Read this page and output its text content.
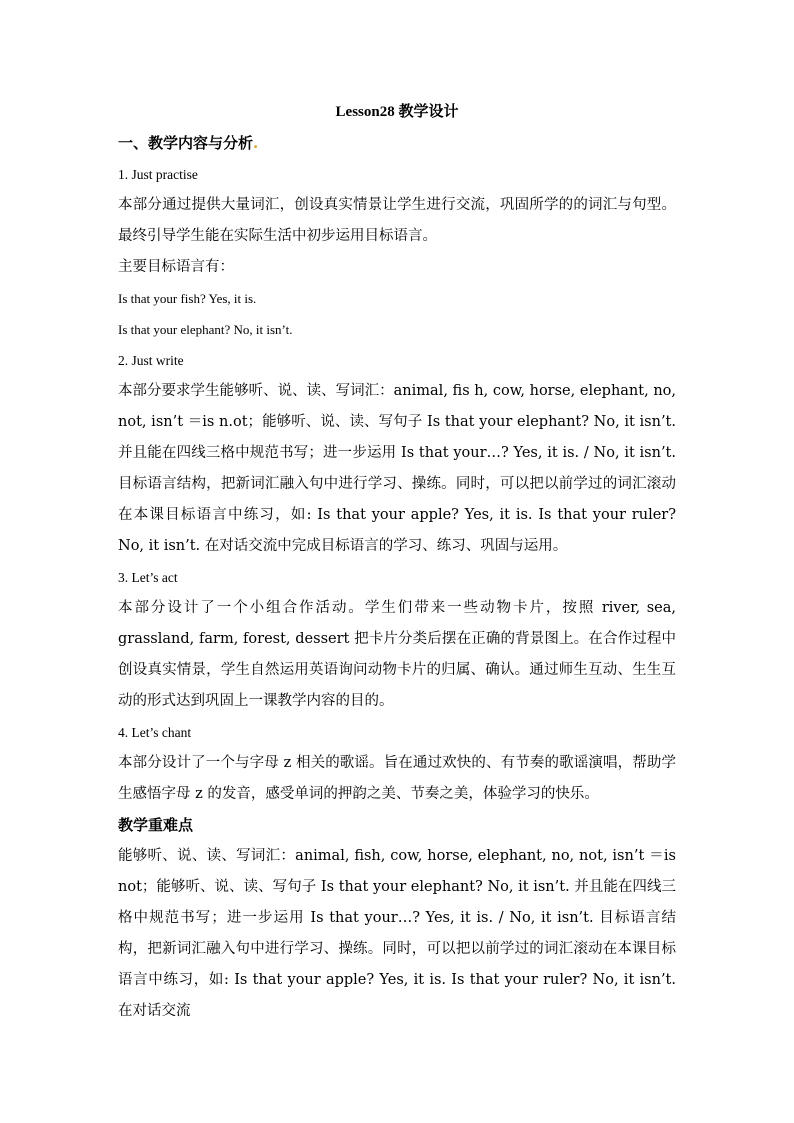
Lesson28 教学设计
一、教学内容与分析.
1. Just practise
本部分通过提供大量词汇，创设真实情景让学生进行交流，巩固所学的的词汇与句型。最终引导学生能在实际生活中初步运用目标语言。
主要目标语言有：
Is that your fish? Yes, it is.
Is that your elephant? No, it isn’t.
2. Just write
本部分要求学生能够听、说、读、写词汇：animal, fis h, cow, horse, elephant, no, not, isn’t ＝is n.ot；能够听、说、读、写句子 Is that your elephant? No, it isn’t. 并且能在四线三格中规范书写；进一步运用 Is that your…? Yes, it is. / No, it isn’t. 目标语言结构，把新词汇融入句中进行学习、操练。同时，可以把以前学过的词汇滚动在本课目标语言中练习，如: Is that your apple? Yes, it is. Is that your ruler? No, it isn’t. 在对话交流中完成目标语言的学习、练习、巩固与运用。
3. Let’s act
本部分设计了一个小组合作活动。学生们带来一些动物卡片，按照 river, sea, grassland, farm, forest, dessert 把卡片分类后摆在正确的背景图上。在合作过程中创设真实情景，学生自然运用英语询问动物卡片的归属、确认。通过师生互动、生生互动的形式达到巩固上一课教学内容的目的。
4. Let’s chant
本部分设计了一个与字母 z 相关的歌谣。旨在通过欢快的、有节奏的歌谣演唱，帮助学生感悟字母 z 的发音，感受单词的押韵之美、节奏之美，体验学习的快乐。
教学重难点
能够听、说、读、写词汇：animal, fish, cow, horse, elephant, no, not, isn’t ＝is not；能够听、说、读、写句子 Is that your elephant? No, it isn’t. 并且能在四线三格中规范书写；进一步运用 Is that your…? Yes, it is. / No, it isn’t. 目标语言结构，把新词汇融入句中进行学习、操练。同时，可以把以前学过的词汇滚动在本课目标语言中练习，如: Is that your apple? Yes, it is. Is that your ruler? No, it isn’t. 在对话交流
